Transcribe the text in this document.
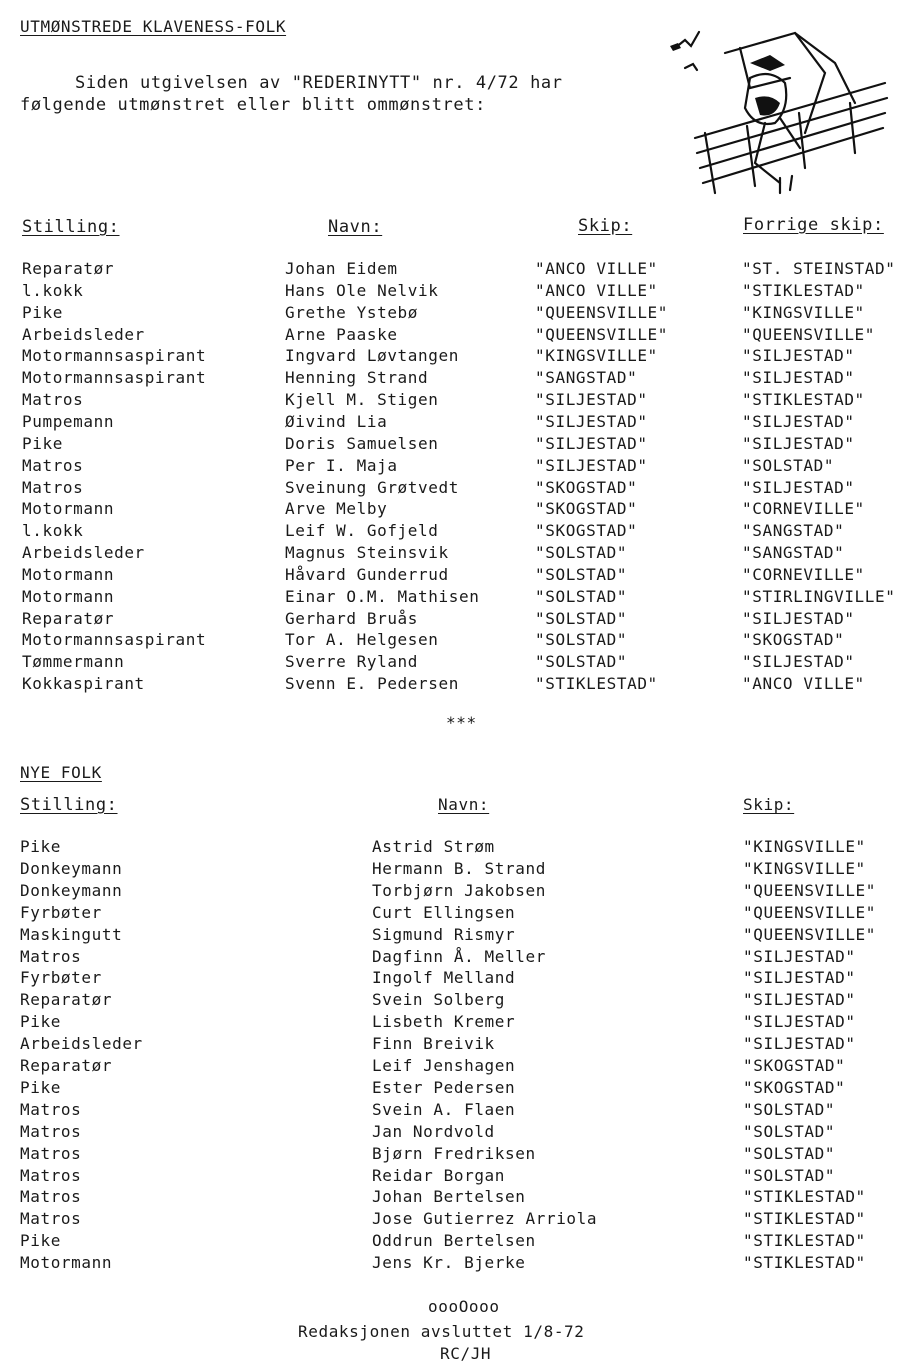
UTMØNSTREDE KLAVENESS-FOLK
Siden utgivelsen av "REDERINYTT" nr. 4/72 har
følgende utmønstret eller blitt ommønstret:
Stilling:	Navn:	Skip:	Forrige skip:
Reparatør	Johan Eidem	"ANCO VILLE"	"ST. STEINSTAD"
l.kokk	Hans Ole Nelvik	"ANCO VILLE"	"STIKLESTAD"
Pike	Grethe Ystebø	"QUEENSVILLE"	"KINGSVILLE"
Arbeidsleder	Arne Paaske	"QUEENSVILLE"	"QUEENSVILLE"
Motormannsaspirant	Ingvard Løvtangen	"KINGSVILLE"	"SILJESTAD"
Motormannsaspirant	Henning Strand	"SANGSTAD"	"SILJESTAD"
Matros	Kjell M. Stigen	"SILJESTAD"	"STIKLESTAD"
Pumpemann	Øivind Lia	"SILJESTAD"	"SILJESTAD"
Pike	Doris Samuelsen	"SILJESTAD"	"SILJESTAD"
Matros	Per I. Maja	"SILJESTAD"	"SOLSTAD"
Matros	Sveinung Grøtvedt	"SKOGSTAD"	"SILJESTAD"
Motormann	Arve Melby	"SKOGSTAD"	"CORNEVILLE"
l.kokk	Leif W. Gofjeld	"SKOGSTAD"	"SANGSTAD"
Arbeidsleder	Magnus Steinsvik	"SOLSTAD"	"SANGSTAD"
Motormann	Håvard Gunderrud	"SOLSTAD"	"CORNEVILLE"
Motormann	Einar O.M. Mathisen	"SOLSTAD"	"STIRLINGVILLE"
Reparatør	Gerhard Bruås	"SOLSTAD"	"SILJESTAD"
Motormannsaspirant	Tor A. Helgesen	"SOLSTAD"	"SKOGSTAD"
Tømmermann	Sverre Ryland	"SOLSTAD"	"SILJESTAD"
Kokkaspirant	Svenn E. Pedersen	"STIKLESTAD"	"ANCO VILLE"
***
NYE FOLK
Stilling:	Navn:	Skip:
Pike	Astrid Strøm	"KINGSVILLE"
Donkeymann	Hermann B. Strand	"KINGSVILLE"
Donkeymann	Torbjørn Jakobsen	"QUEENSVILLE"
Fyrbøter	Curt Ellingsen	"QUEENSVILLE"
Maskingutt	Sigmund Rismyr	"QUEENSVILLE"
Matros	Dagfinn Å. Meller	"SILJESTAD"
Fyrbøter	Ingolf Melland	"SILJESTAD"
Reparatør	Svein Solberg	"SILJESTAD"
Pike	Lisbeth Kremer	"SILJESTAD"
Arbeidsleder	Finn Breivik	"SILJESTAD"
Reparatør	Leif Jenshagen	"SKOGSTAD"
Pike	Ester Pedersen	"SKOGSTAD"
Matros	Svein A. Flaen	"SOLSTAD"
Matros	Jan Nordvold	"SOLSTAD"
Matros	Bjørn Fredriksen	"SOLSTAD"
Matros	Reidar Borgan	"SOLSTAD"
Matros	Johan Bertelsen	"STIKLESTAD"
Matros	Jose Gutierrez Arriola	"STIKLESTAD"
Pike	Oddrun Bertelsen	"STIKLESTAD"
Motormann	Jens Kr. Bjerke	"STIKLESTAD"
oooOooo
Redaksjonen avsluttet 1/8-72
RC/JH
